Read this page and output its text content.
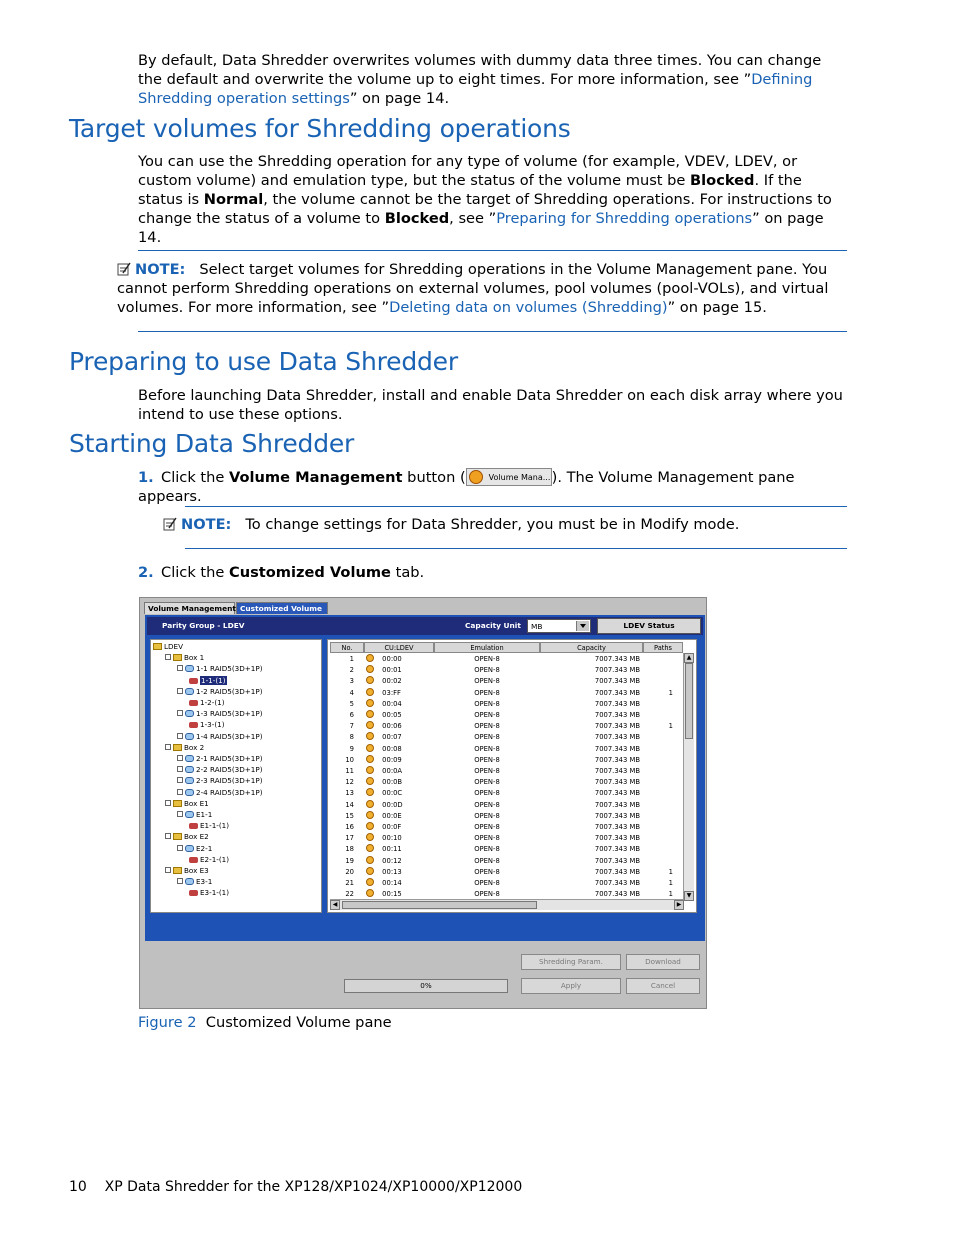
By default, Data Shredder overwrites volumes with dummy data three times. You can change the default and overwrite the volume up to eight times. For more information, see ”Defining Shredding operation settings” on page 14.
Target volumes for Shredding operations
You can use the Shredding operation for any type of volume (for example, VDEV, LDEV, or custom volume) and emulation type, but the status of the volume must be Blocked. If the status is Normal, the volume cannot be the target of Shredding operations. For instructions to change the status of a volume to Blocked, see ”Preparing for Shredding operations” on page 14.
NOTE: Select target volumes for Shredding operations in the Volume Management pane. You cannot perform Shredding operations on external volumes, pool volumes (pool-VOLs), and virtual volumes. For more information, see ”Deleting data on volumes (Shredding)” on page 15.
Preparing to use Data Shredder
Before launching Data Shredder, install and enable Data Shredder on each disk array where you intend to use these options.
Starting Data Shredder
1. Click the Volume Management button (	Volume Mana... ). The Volume Management pane appears.
NOTE: To change settings for Data Shredder, you must be in Modify mode.
2. Click the Customized Volume tab.
Volume Management Customized Volume
Parity Group - LDEV	Capacity Unit MB	LDEV Status
LDEV
Box 1
1-1 RAID5(3D+1P)
1-1-(1)
1-2 RAID5(3D+1P)
1-2-(1)
1-3 RAID5(3D+1P)
1-3-(1)
1-4 RAID5(3D+1P)
Box 2
2-1 RAID5(3D+1P)
2-2 RAID5(3D+1P)
2-3 RAID5(3D+1P)
2-4 RAID5(3D+1P)
Box E1
E1-1
E1-1-(1)
Box E2
E2-1
E2-1-(1)
Box E3
E3-1
E3-1-(1)
No.	CU:LDEV	Emulation	Capacity	Paths
1	00:00	OPEN-8	7007.343 MB
2	00:01	OPEN-8	7007.343 MB
3	00:02	OPEN-8	7007.343 MB
4	03:FF	OPEN-8	7007.343 MB	1
5	00:04	OPEN-8	7007.343 MB
6	00:05	OPEN-8	7007.343 MB
7	00:06	OPEN-8	7007.343 MB	1
8	00:07	OPEN-8	7007.343 MB
9	00:08	OPEN-8	7007.343 MB
10	00:09	OPEN-8	7007.343 MB
11	00:0A	OPEN-8	7007.343 MB
12	00:0B	OPEN-8	7007.343 MB
13	00:0C	OPEN-8	7007.343 MB
14	00:0D	OPEN-8	7007.343 MB
15	00:0E	OPEN-8	7007.343 MB
16	00:0F	OPEN-8	7007.343 MB
17	00:10	OPEN-8	7007.343 MB
18	00:11	OPEN-8	7007.343 MB
19	00:12	OPEN-8	7007.343 MB
20	00:13	OPEN-8	7007.343 MB	1
21	00:14	OPEN-8	7007.343 MB	1
22	00:15	OPEN-8	7007.343 MB	1
▲
▼
◀	▶
Shredding Param.	Download
0%	Apply	Cancel
Figure 2 Customized Volume pane
10 XP Data Shredder for the XP128/XP1024/XP10000/XP12000
